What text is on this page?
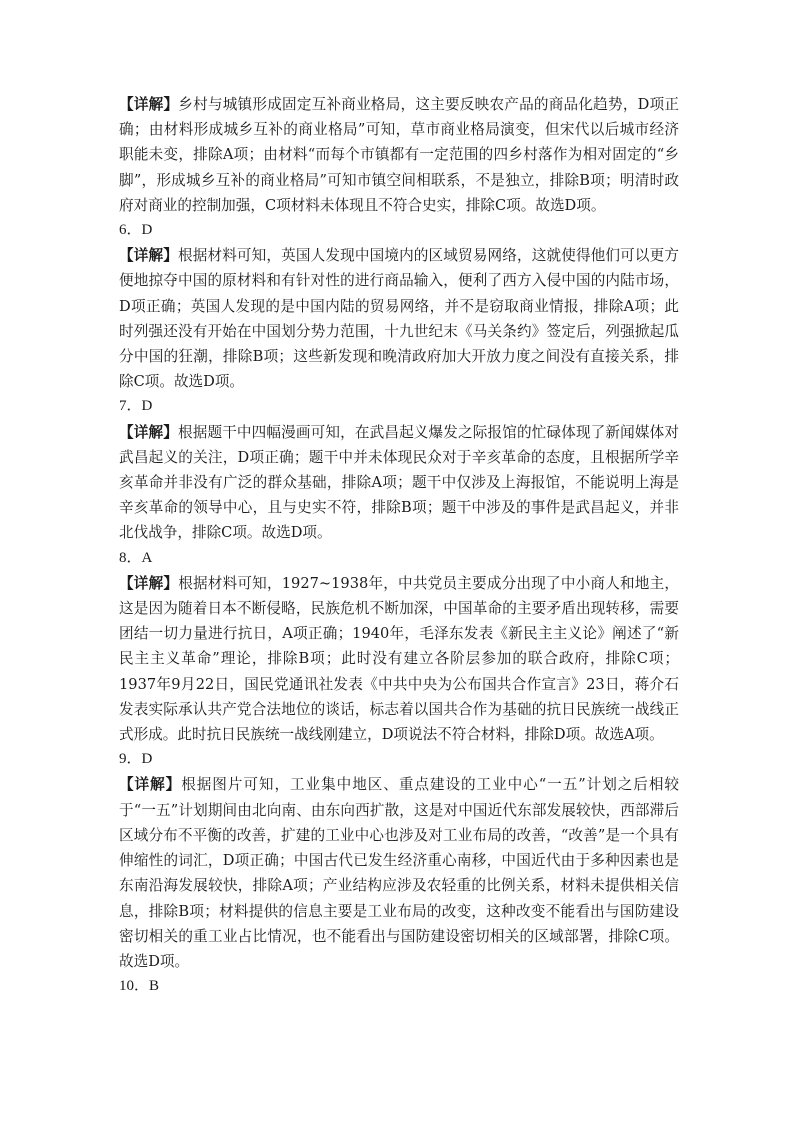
【详解】乡村与城镇形成固定互补商业格局，这主要反映农产品的商品化趋势，D项正确；由材料形成城乡互补的商业格局”可知，草市商业格局演变，但宋代以后城市经济职能未变，排除A项；由材料“而每个市镇都有一定范围的四乡村落作为相对固定的“乡脚”，形成城乡互补的商业格局”可知市镇空间相联系，不是独立，排除B项；明清时政府对商业的控制加强，C项材料未体现且不符合史实，排除C项。故选D项。

6．D

【详解】根据材料可知，英国人发现中国境内的区域贸易网络，这就使得他们可以更方便地掠夺中国的原材料和有针对性的进行商品输入，便利了西方入侵中国的内陆市场，D项正确；英国人发现的是中国内陆的贸易网络，并不是窃取商业情报，排除A项；此时列强还没有开始在中国划分势力范围，十九世纪末《马关条约》签定后，列强掀起瓜分中国的狂潮，排除B项；这些新发现和晚清政府加大开放力度之间没有直接关系，排除C项。故选D项。

7．D

【详解】根据题干中四幅漫画可知，在武昌起义爆发之际报馆的忙碌体现了新闻媒体对武昌起义的关注，D项正确；题干中并未体现民众对于辛亥革命的态度，且根据所学辛亥革命并非没有广泛的群众基础，排除A项；题干中仅涉及上海报馆，不能说明上海是辛亥革命的领导中心，且与史实不符，排除B项；题干中涉及的事件是武昌起义，并非北伐战争，排除C项。故选D项。

8．A

【详解】根据材料可知，1927~1938年，中共党员主要成分出现了中小商人和地主，这是因为随着日本不断侵略，民族危机不断加深，中国革命的主要矛盾出现转移，需要团结一切力量进行抗日，A项正确；1940年，毛泽东发表《新民主主义论》阐述了“新民主主义革命”理论，排除B项；此时没有建立各阶层参加的联合政府，排除C项；1937年9月22日，国民党通讯社发表《中共中央为公布国共合作宣言》23日，蒋介石发表实际承认共产党合法地位的谈话，标志着以国共合作为基础的抗日民族统一战线正式形成。此时抗日民族统一战线刚建立，D项说法不符合材料，排除D项。故选A项。

9．D

【详解】根据图片可知，工业集中地区、重点建设的工业中心“一五”计划之后相较于“一五”计划期间由北向南、由东向西扩散，这是对中国近代东部发展较快，西部滞后区域分布不平衡的改善，扩建的工业中心也涉及对工业布局的改善，“改善”是一个具有伸缩性的词汇，D项正确；中国古代已发生经济重心南移，中国近代由于多种因素也是东南沿海发展较快，排除A项；产业结构应涉及农轻重的比例关系，材料未提供相关信息，排除B项；材料提供的信息主要是工业布局的改变，这种改变不能看出与国防建设密切相关的重工业占比情况，也不能看出与国防建设密切相关的区域部署，排除C项。故选D项。

10．B
